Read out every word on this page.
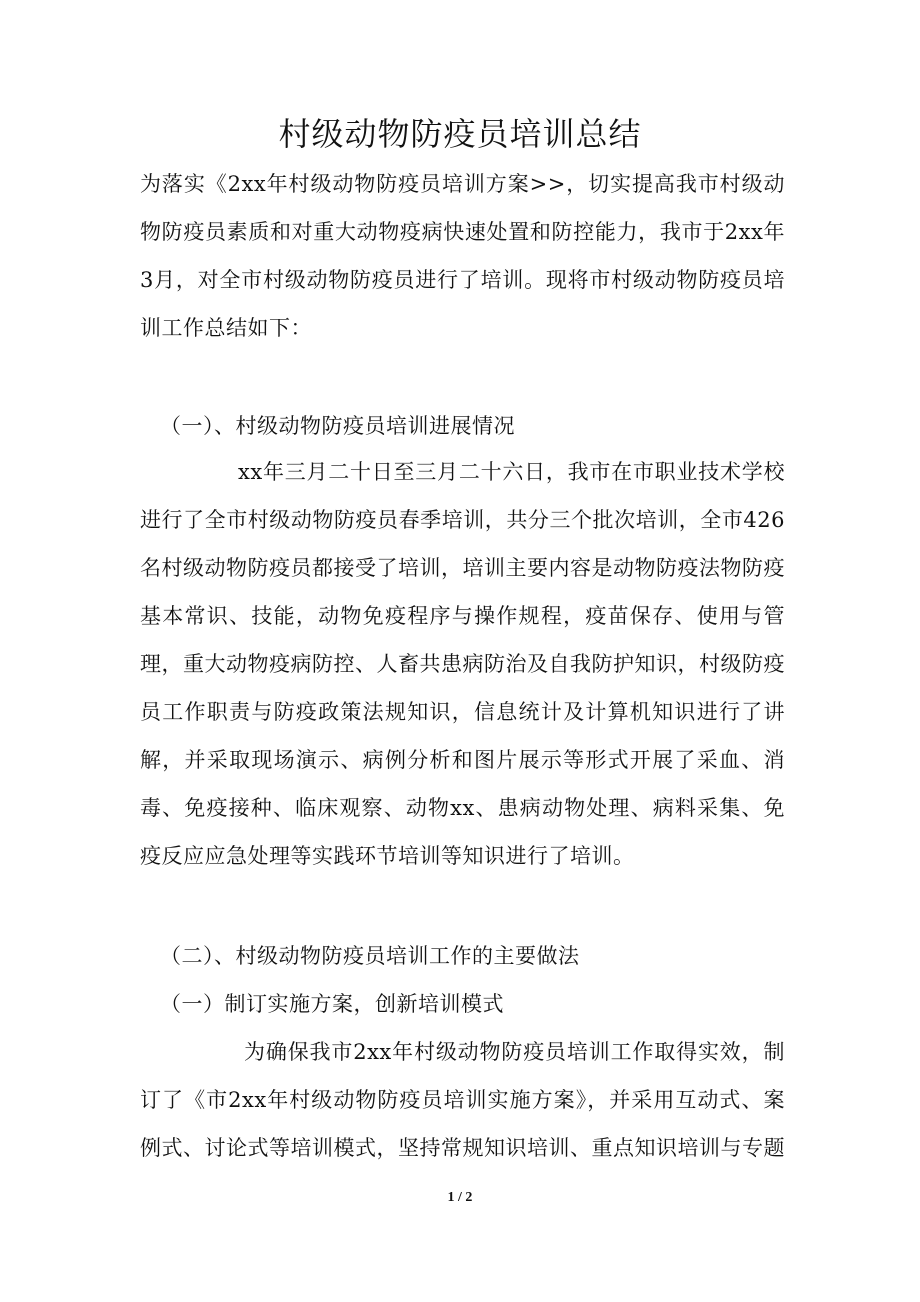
村级动物防疫员培训总结
为落实《2xx年村级动物防疫员培训方案>>，切实提高我市村级动物防疫员素质和对重大动物疫病快速处置和防控能力，我市于2xx年3月，对全市村级动物防疫员进行了培训。现将市村级动物防疫员培训工作总结如下：
（一）、村级动物防疫员培训进展情况
xx年三月二十日至三月二十六日，我市在市职业技术学校进行了全市村级动物防疫员春季培训，共分三个批次培训，全市426名村级动物防疫员都接受了培训，培训主要内容是动物防疫法物防疫基本常识、技能，动物免疫程序与操作规程，疫苗保存、使用与管理，重大动物疫病防控、人畜共患病防治及自我防护知识，村级防疫员工作职责与防疫政策法规知识，信息统计及计算机知识进行了讲解，并采取现场演示、病例分析和图片展示等形式开展了采血、消毒、免疫接种、临床观察、动物xx、患病动物处理、病料采集、免疫反应应急处理等实践环节培训等知识进行了培训。
（二）、村级动物防疫员培训工作的主要做法
（一）制订实施方案，创新培训模式
为确保我市2xx年村级动物防疫员培训工作取得实效，制订了《市2xx年村级动物防疫员培训实施方案》，并采用互动式、案例式、讨论式等培训模式，坚持常规知识培训、重点知识培训与专题
1 / 2
